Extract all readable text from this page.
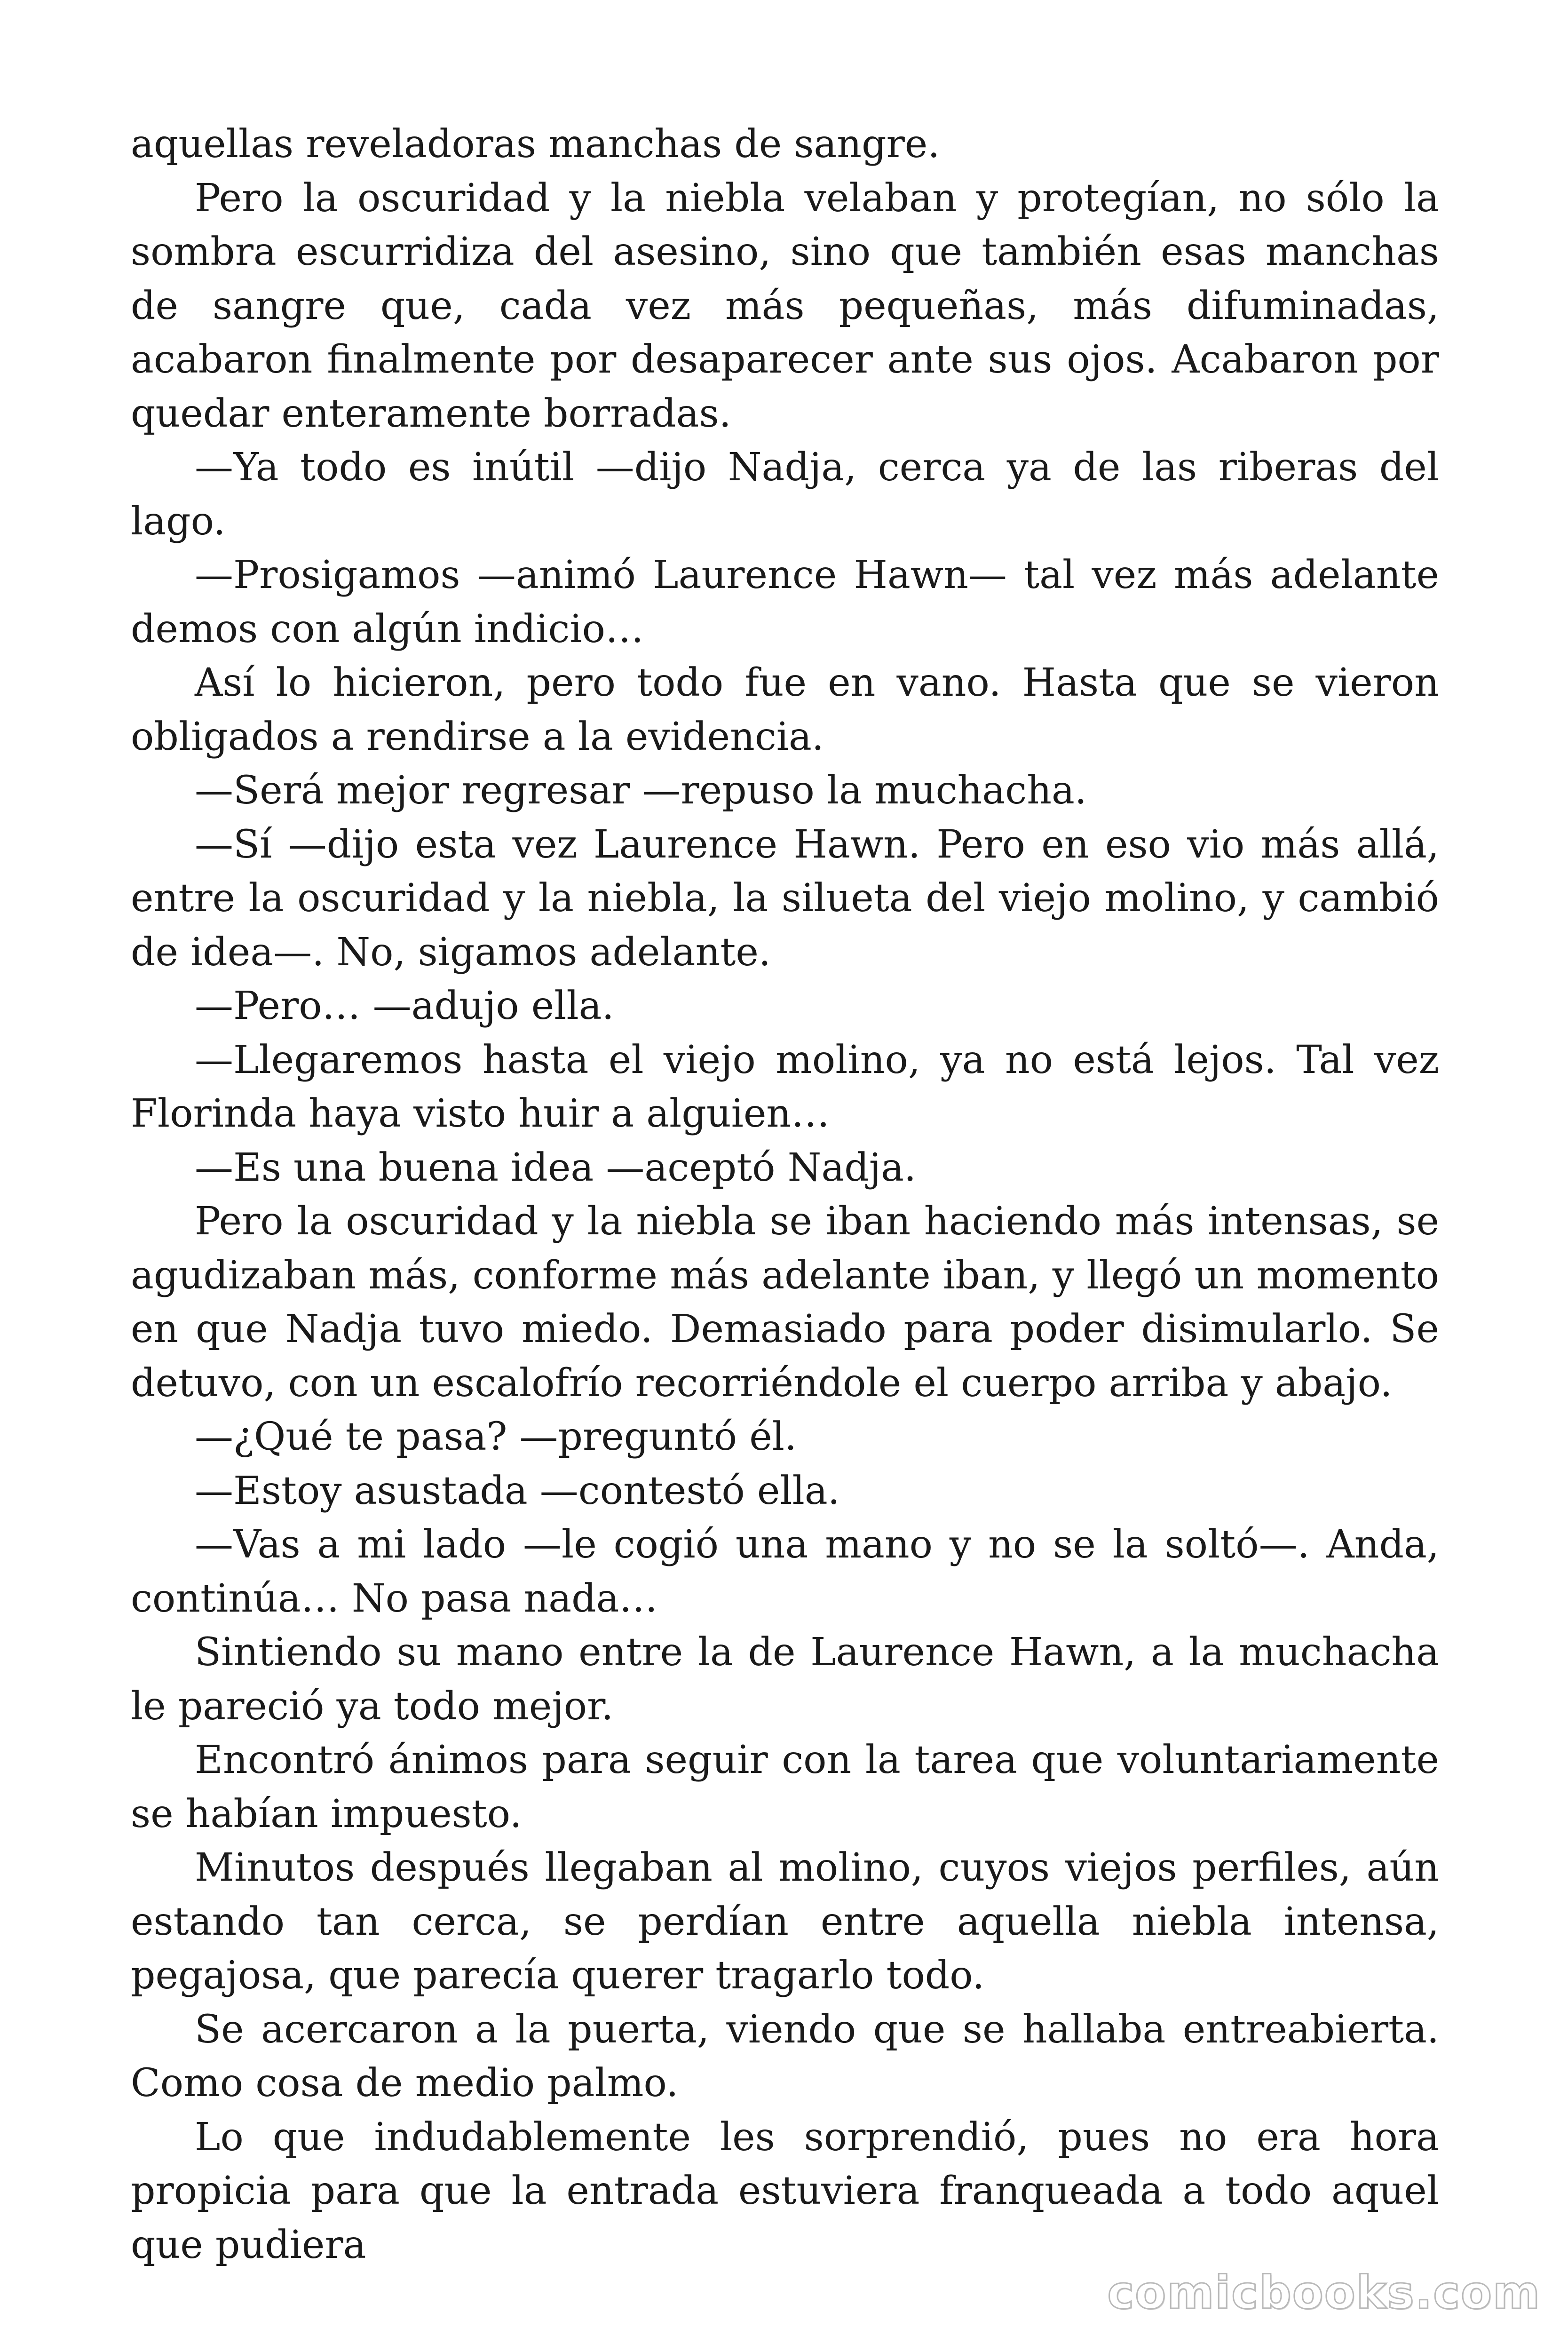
aquellas reveladoras manchas de sangre.

Pero la oscuridad y la niebla velaban y protegían, no sólo la sombra escurridiza del asesino, sino que también esas manchas de sangre que, cada vez más pequeñas, más difuminadas, acabaron finalmente por desaparecer ante sus ojos. Acabaron por quedar enteramente borradas.

—Ya todo es inútil —dijo Nadja, cerca ya de las riberas del lago.

—Prosigamos —animó Laurence Hawn— tal vez más adelante demos con algún indicio…

Así lo hicieron, pero todo fue en vano. Hasta que se vieron obligados a rendirse a la evidencia.

—Será mejor regresar —repuso la muchacha.

—Sí —dijo esta vez Laurence Hawn. Pero en eso vio más allá, entre la oscuridad y la niebla, la silueta del viejo molino, y cambió de idea—. No, sigamos adelante.

—Pero… —adujo ella.

—Llegaremos hasta el viejo molino, ya no está lejos. Tal vez Florinda haya visto huir a alguien…

—Es una buena idea —aceptó Nadja.

Pero la oscuridad y la niebla se iban haciendo más intensas, se agudizaban más, conforme más adelante iban, y llegó un momento en que Nadja tuvo miedo. Demasiado para poder disimularlo. Se detuvo, con un escalofrío recorriéndole el cuerpo arriba y abajo.

—¿Qué te pasa? —preguntó él.

—Estoy asustada —contestó ella.

—Vas a mi lado —le cogió una mano y no se la soltó—. Anda, continúa… No pasa nada…

Sintiendo su mano entre la de Laurence Hawn, a la muchacha le pareció ya todo mejor.

Encontró ánimos para seguir con la tarea que voluntariamente se habían impuesto.

Minutos después llegaban al molino, cuyos viejos perfiles, aún estando tan cerca, se perdían entre aquella niebla intensa, pegajosa, que parecía querer tragarlo todo.

Se acercaron a la puerta, viendo que se hallaba entreabierta. Como cosa de medio palmo.

Lo que indudablemente les sorprendió, pues no era hora propicia para que la entrada estuviera franqueada a todo aquel que pudiera

comicbooks.com
